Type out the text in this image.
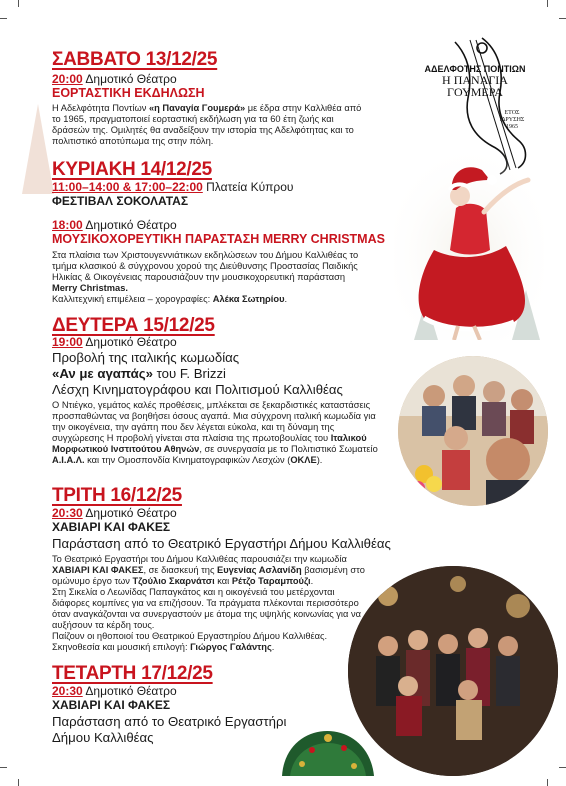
ΑΔΕΛΦΟΤΗΣ ΠΟΝΤΙΩΝ
Η ΠΑΝΑΓΙΑ
ΓΟΥΜΕΡΑ
ΕΤΟΣ
ΙΔΡΥΣΗΣ
1965
ΣΑΒΒΑΤΟ 13/12/25
20:00 Δημοτικό Θέατρο
ΕΟΡΤΑΣΤΙΚΗ ΕΚΔΗΛΩΣΗ
Η Αδελφότητα Ποντίων «η Παναγία Γουμερά» με έδρα στην Καλλιθέα από το 1965, πραγματοποιεί εορταστική εκδήλωση για τα 60 έτη ζωής και δράσεών της. Ομιλητές θα αναδείξουν την ιστορία της Αδελφότητας και το πολιτιστικό αποτύπωμα της στην πόλη.
ΚΥΡΙΑΚΗ 14/12/25
11:00–14:00 & 17:00–22:00 Πλατεία Κύπρου
ΦΕΣΤΙΒΑΛ ΣΟΚΟΛΑΤΑΣ
18:00 Δημοτικό Θέατρο
ΜΟΥΣΙΚΟΧΟΡΕΥΤΙΚΗ ΠΑΡΑΣΤΑΣΗ MERRY CHRISTMAS
Στα πλαίσια των Χριστουγεννιάτικων εκδηλώσεων του Δήμου Καλλιθέας το τμήμα κλασικού & σύγχρονου χορού της Διεύθυνσης Προστασίας Παιδικής Ηλικίας & Οικογένειας παρουσιάζουν την μουσικοχορευτική παράσταση Merry Christmas.
Καλλιτεχνική επιμέλεια – χορογραφίες: Αλέκα Σωτηρίου.
ΔΕΥΤΕΡΑ 15/12/25
19:00 Δημοτικό Θέατρο
Προβολή της ιταλικής κωμωδίας
«Αν με αγαπάς» του F. Brizzi
Λέσχη Κινηματογράφου και Πολιτισμού Καλλιθέας
Ο Ντιέγκο, γεμάτος καλές προθέσεις, μπλέκεται σε ξεκαρδιστικές καταστάσεις προσπαθώντας να βοηθήσει όσους αγαπά. Μια σύγχρονη ιταλική κωμωδία για την οικογένεια, την αγάπη που δεν λέγεται εύκολα, και τη δύναμη της συγχώρεσης Η προβολή γίνεται στα πλαίσια της πρωτοβουλίας του Ιταλικού Μορφωτικού Ινστιτούτου Αθηνών, σε συνεργασία με το Πολιτιστικό Σωματείο Α.Ι.Α.Λ. και την Ομοσπονδία Κινηματογραφικών Λεσχών (ΟΚΛΕ).
ΤΡΙΤΗ 16/12/25
20:30 Δημοτικό Θέατρο
ΧΑΒΙΑΡΙ ΚΑΙ ΦΑΚΕΣ
Παράσταση από το Θεατρικό Εργαστήρι Δήμου Καλλιθέας
Το Θεατρικό Εργαστήρι του Δήμου Καλλιθέας παρουσιάζει την κωμωδία ΧΑΒΙΑΡΙ ΚΑΙ ΦΑΚΕΣ, σε διασκευή της Ευγενίας Ασλανίδη βασισμένη στο ομώνυμο έργο των Τζούλιο Σκαρνάτσι και Ρέτζο Ταραμπούζι.
Στη Σικελία ο Λεωνίδας Παπαγκάτος και η οικογένειά του μετέρχονται διάφορες κομπίνες για να επιζήσουν. Τα πράγματα πλέκονται περισσότερο όταν αναγκάζονται να συνεργαστούν με άτομα της υψηλής κοινωνίας για να αυξήσουν τα κέρδη τους.
Παίζουν οι ηθοποιοί του Θεατρικού Εργαστηρίου Δήμου Καλλιθέας. Σκηνοθεσία και μουσική επιλογή: Γιώργος Γαλάντης.
ΤΕΤΑΡΤΗ 17/12/25
20:30 Δημοτικό Θέατρο
ΧΑΒΙΑΡΙ ΚΑΙ ΦΑΚΕΣ
Παράσταση από το Θεατρικό Εργαστήρι
Δήμου Καλλιθέας
